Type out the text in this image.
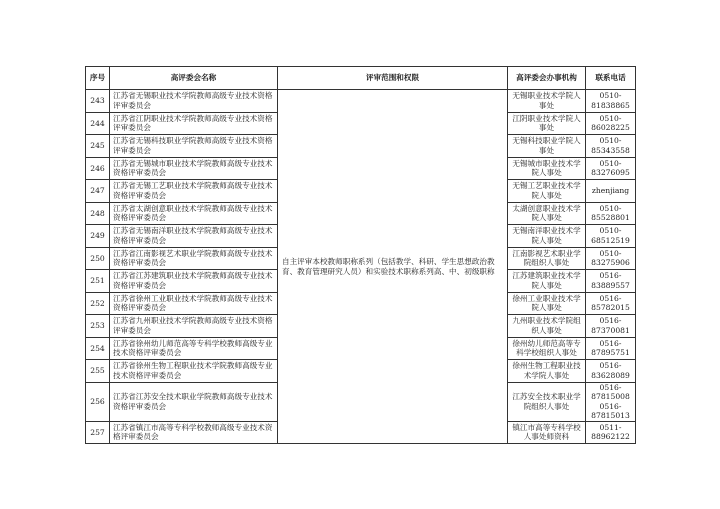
序号	高评委会名称	评审范围和权限	高评委会办事机构	联系电话
243	江苏省无锡职业技术学院教师高级专业技术资格评审委员会	自主评审本校教师职称系列（包括教学、科研、学生思想政治教育、教育管理研究人员）和实验技术职称系列高、中、初级职称	无锡职业技术学院人事处	0510-81838865
244	江苏省江阴职业技术学院教师高级专业技术资格评审委员会		江阴职业技术学院人事处	0510-86028225
245	江苏省无锡科技职业学院教师高级专业技术资格评审委员会		无锡科技职业学院人事处	0510-85343558
246	江苏省无锡城市职业技术学院教师高级专业技术资格评审委员会		无锡城市职业技术学院人事处	0510-83276095
247	江苏省无锡工艺职业技术学院教师高级专业技术资格评审委员会		无锡工艺职业技术学院人事处	zhenjiang
248	江苏省太湖创意职业技术学院教师高级专业技术资格评审委员会		太湖创意职业技术学院人事处	0510-85528801
249	江苏省无锡南洋职业技术学院教师高级专业技术资格评审委员会		无锡南洋职业技术学院人事处	0510-68512519
250	江苏省江南影视艺术职业学院教师高级专业技术资格评审委员会		江南影视艺术职业学院组织人事处	0510-83275906
251	江苏省江苏建筑职业技术学院教师高级专业技术资格评审委员会		江苏建筑职业技术学院人事处	0516-83889557
252	江苏省徐州工业职业技术学院教师高级专业技术资格评审委员会		徐州工业职业技术学院人事处	0516-85782015
253	江苏省九州职业技术学院教师高级专业技术资格评审委员会		九州职业技术学院组织人事处	0516-87370081
254	江苏省徐州幼儿师范高等专科学校教师高级专业技术资格评审委员会		徐州幼儿师范高等专科学校组织人事处	0516-87895751
255	江苏省徐州生物工程职业技术学院教师高级专业技术资格评审委员会		徐州生物工程职业技术学院人事处	0516-83628089
256	江苏省江苏安全技术职业学院教师高级专业技术资格评审委员会		江苏安全技术职业学院组织人事处	0516-87815008 0516-87815013
257	江苏省镇江市高等专科学校教师高级专业技术资格评审委员会		镇江市高等专科学校人事处师资科	0511-88962122
